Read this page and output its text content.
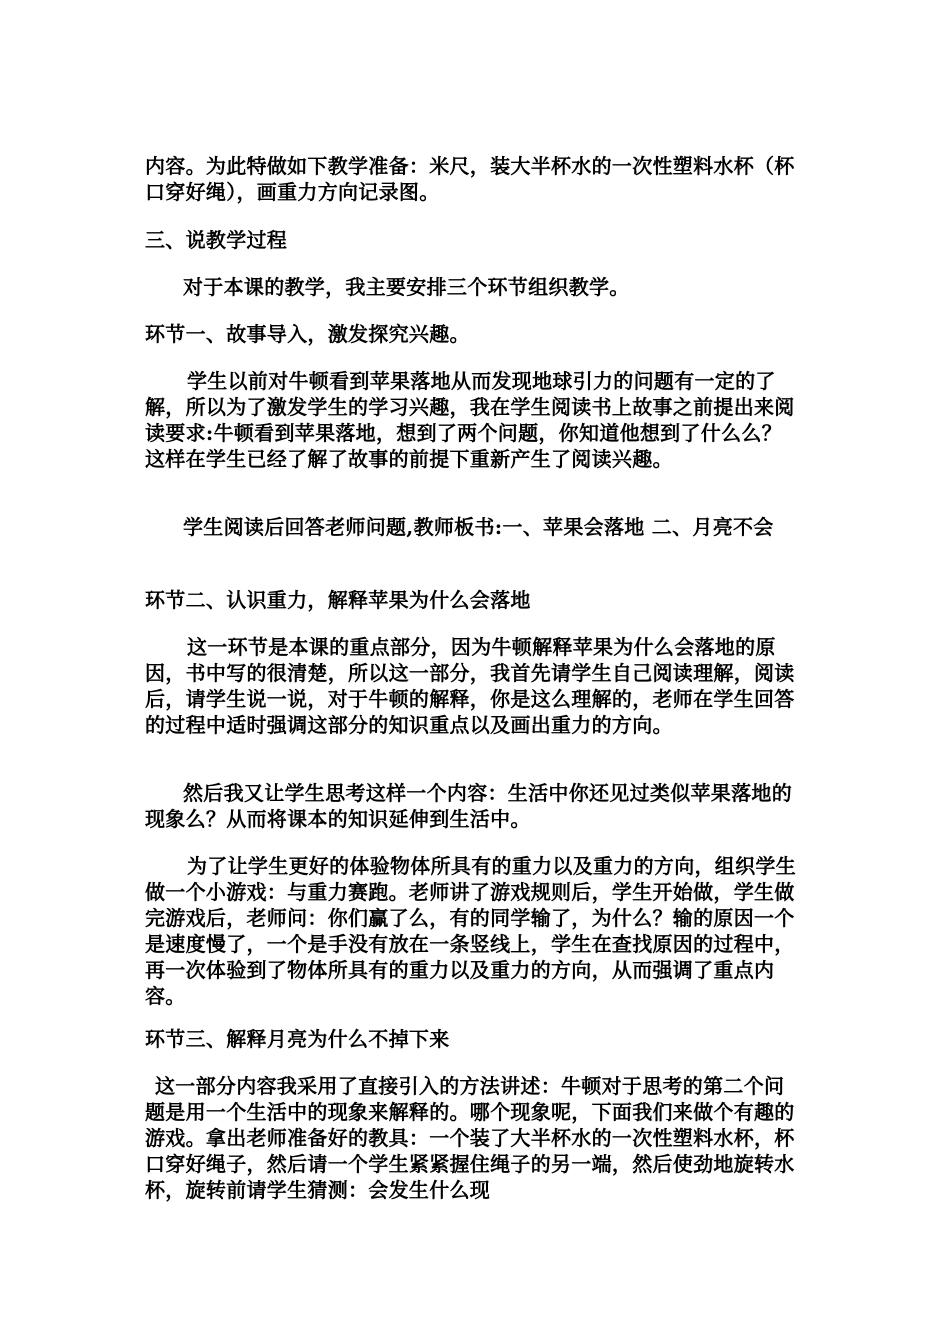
内容。为此特做如下教学准备：米尺，装大半杯水的一次性塑料水杯（杯口穿好绳），画重力方向记录图。

三、说教学过程

对于本课的教学，我主要安排三个环节组织教学。

环节一、故事导入，激发探究兴趣。

学生以前对牛顿看到苹果落地从而发现地球引力的问题有一定的了解，所以为了激发学生的学习兴趣，我在学生阅读书上故事之前提出来阅读要求:牛顿看到苹果落地，想到了两个问题，你知道他想到了什么么？这样在学生已经了解了故事的前提下重新产生了阅读兴趣。

学生阅读后回答老师问题,教师板书:一、苹果会落地 二、月亮不会

环节二、认识重力，解释苹果为什么会落地

这一环节是本课的重点部分，因为牛顿解释苹果为什么会落地的原因，书中写的很清楚，所以这一部分，我首先请学生自己阅读理解，阅读后，请学生说一说，对于牛顿的解释，你是这么理解的，老师在学生回答的过程中适时强调这部分的知识重点以及画出重力的方向。

然后我又让学生思考这样一个内容：生活中你还见过类似苹果落地的现象么？从而将课本的知识延伸到生活中。

为了让学生更好的体验物体所具有的重力以及重力的方向，组织学生做一个小游戏：与重力赛跑。老师讲了游戏规则后，学生开始做，学生做完游戏后，老师问：你们赢了么，有的同学输了，为什么？输的原因一个是速度慢了，一个是手没有放在一条竖线上，学生在查找原因的过程中，再一次体验到了物体所具有的重力以及重力的方向，从而强调了重点内容。

环节三、解释月亮为什么不掉下来

这一部分内容我采用了直接引入的方法讲述：牛顿对于思考的第二个问题是用一个生活中的现象来解释的。哪个现象呢，下面我们来做个有趣的游戏。拿出老师准备好的教具：一个装了大半杯水的一次性塑料水杯，杯口穿好绳子，然后请一个学生紧紧握住绳子的另一端，然后使劲地旋转水杯，旋转前请学生猜测：会发生什么现
